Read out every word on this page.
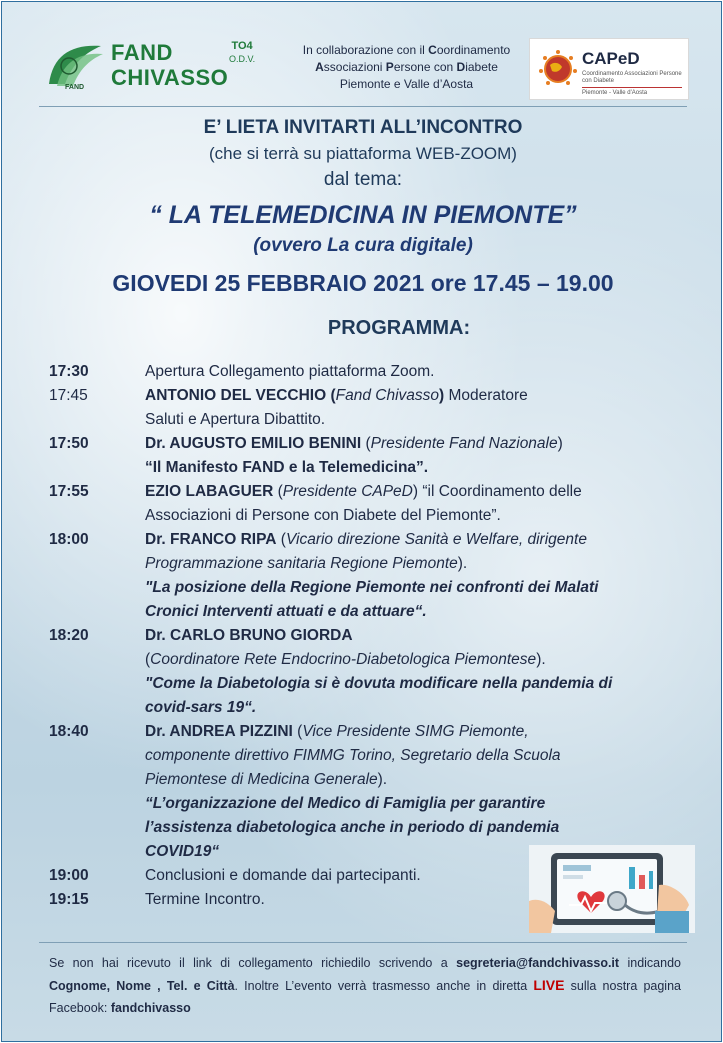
FAND
FAND
CHIVASSO
TO4
O.D.V.
In collaborazione con il Coordinamento
Associazioni Persone con Diabete
Piemonte e Valle d’Aosta
CAPeD
Coordinamento Associazioni Persone con Diabete
Piemonte - Valle d'Aosta
E’ LIETA INVITARTI ALL’INCONTRO
(che si terrà su piattaforma WEB-ZOOM)
dal tema:
“ LA TELEMEDICINA IN PIEMONTE”
(ovvero La cura digitale)
GIOVEDI 25 FEBBRAIO 2021 ore 17.45 – 19.00
PROGRAMMA:
17:30	Apertura Collegamento piattaforma Zoom.
17:45	ANTONIO DEL VECCHIO (Fand Chivasso) Moderatore
Saluti e Apertura Dibattito.
17:50	Dr. AUGUSTO EMILIO BENINI (Presidente Fand Nazionale)
“Il Manifesto FAND e la Telemedicina”.
17:55	EZIO LABAGUER (Presidente CAPeD) “il Coordinamento delle
Associazioni di Persone con Diabete del Piemonte”.
18:00	Dr. FRANCO RIPA (Vicario direzione Sanità e Welfare, dirigente
Programmazione sanitaria Regione Piemonte).
"La posizione della Regione Piemonte nei confronti dei Malati
Cronici Interventi attuati e da attuare“.
18:20	Dr. CARLO BRUNO GIORDA
(Coordinatore Rete Endocrino-Diabetologica Piemontese).
"Come la Diabetologia si è dovuta modificare nella pandemia di
covid-sars 19“.
18:40	Dr. ANDREA PIZZINI (Vice Presidente SIMG Piemonte,
componente direttivo FIMMG Torino, Segretario della Scuola
Piemontese di Medicina Generale).
“L’organizzazione del Medico di Famiglia per garantire
l’assistenza diabetologica anche in periodo di pandemia
COVID19“
19:00	Conclusioni e domande dai partecipanti.
19:15	Termine Incontro.
Se non hai ricevuto il link di collegamento richiedilo scrivendo a segreteria@fandchivasso.it indicando Cognome, Nome , Tel. e Città. Inoltre L’evento verrà trasmesso anche in diretta LIVE sulla nostra pagina Facebook: fandchivasso
